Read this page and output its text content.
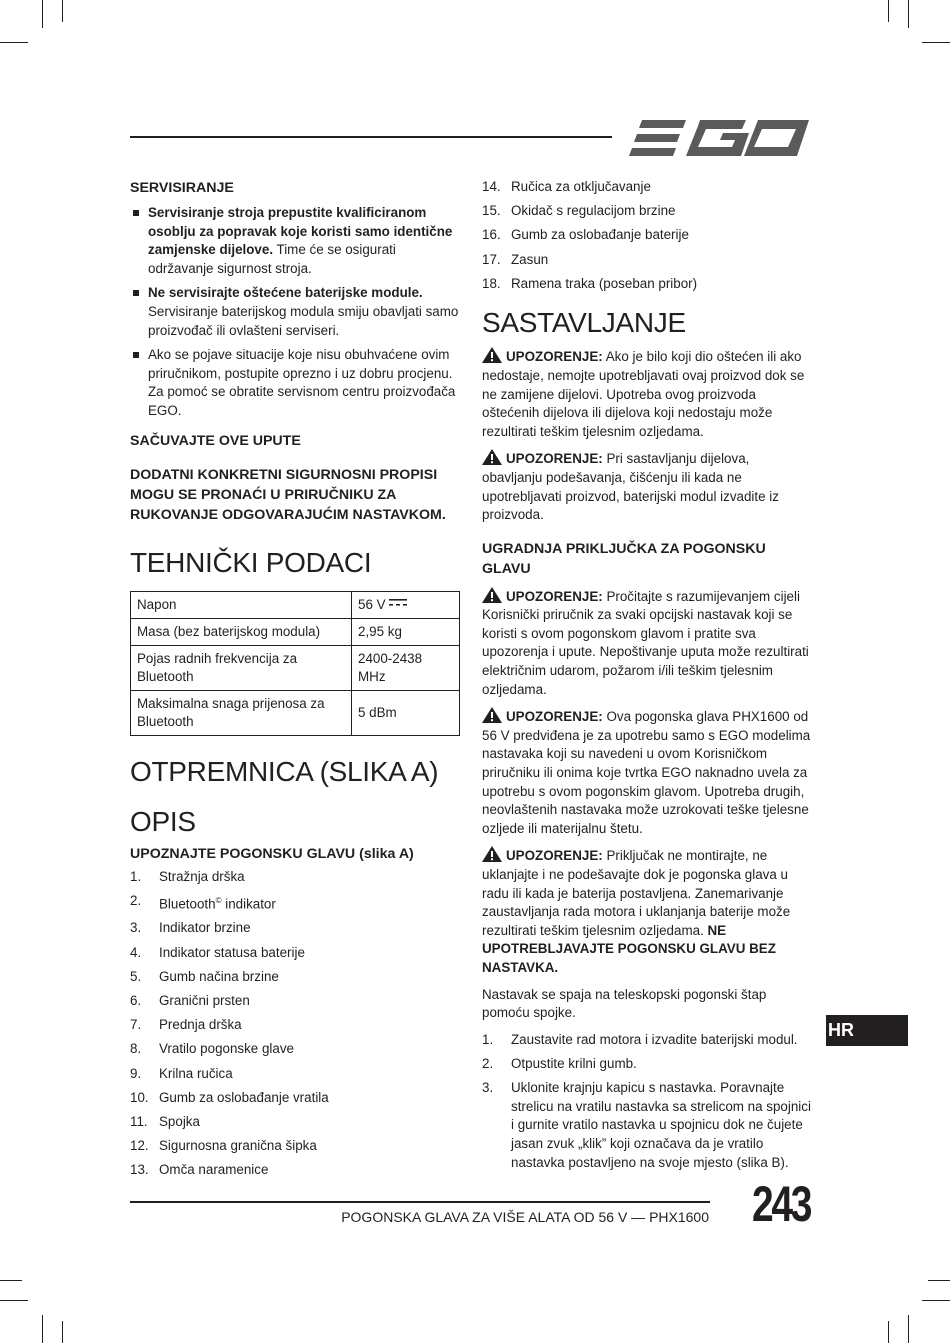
SERVISIRANJE
Servisiranje stroja prepustite kvalificiranom osoblju za popravak koje koristi samo identične zamjenske dijelove. Time će se osigurati održavanje sigurnost stroja.
Ne servisirajte oštećene baterijske module. Servisiranje baterijskog modula smiju obavljati samo proizvođač ili ovlašteni serviseri.
Ako se pojave situacije koje nisu obuhvaćene ovim priručnikom, postupite oprezno i uz dobru procjenu. Za pomoć se obratite servisnom centru proizvođača EGO.
SAČUVAJTE OVE UPUTE
DODATNI KONKRETNI SIGURNOSNI PROPISI MOGU SE PRONAĆI U PRIRUČNIKU ZA RUKOVANJE ODGOVARAJUĆIM NASTAVKOM.
TEHNIČKI PODACI
Napon	56 V
Masa (bez baterijskog modula)	2,95 kg
Pojas radnih frekvencija za Bluetooth	2400-2438 MHz
Maksimalna snaga prijenosa za Bluetooth	5 dBm
OTPREMNICA (SLIKA A)
OPIS
UPOZNAJTE POGONSKU GLAVU (slika A)
1.	Stražnja drška
2.	Bluetooth© indikator
3.	Indikator brzine
4.	Indikator statusa baterije
5.	Gumb načina brzine
6.	Granični prsten
7.	Prednja drška
8.	Vratilo pogonske glave
9.	Krilna ručica
10. Gumb za oslobađanje vratila
11. Spojka
12. Sigurnosna granična šipka
13. Omča naramenice
14. Ručica za otključavanje
15. Okidač s regulacijom brzine
16. Gumb za oslobađanje baterije
17. Zasun
18. Ramena traka (poseban pribor)
SASTAVLJANJE

UPOZORENJE: Ako je bilo koji dio oštećen ili ako nedostaje, nemojte upotrebljavati ovaj proizvod dok se ne zamijene dijelovi. Upotreba ovog proizvoda oštećenih dijelova ili dijelova koji nedostaju može rezultirati teškim tjelesnim ozljedama.

UPOZORENJE: Pri sastavljanju dijelova, obavljanju podešavanja, čišćenju ili kada ne upotrebljavati proizvod, baterijski modul izvadite iz proizvoda.

UGRADNJA PRIKLJUČKA ZA POGONSKU GLAVU

UPOZORENJE: Pročitajte s razumijevanjem cijeli Korisnički priručnik za svaki opcijski nastavak koji se koristi s ovom pogonskom glavom i pratite sva upozorenja i upute. Nepoštivanje uputa može rezultirati električnim udarom, požarom i/ili teškim tjelesnim ozljedama.

UPOZORENJE: Ova pogonska glava PHX1600 od 56 V predviđena je za upotrebu samo s EGO modelima nastavaka koji su navedeni u ovom Korisničkom priručniku ili onima koje tvrtka EGO naknadno uvela za upotrebu s ovom pogonskim glavom. Upotreba drugih, neovlaštenih nastavaka može uzrokovati teške tjelesne ozljede ili materijalnu štetu.

UPOZORENJE: Priključak ne montirajte, ne uklanjajte i ne podešavajte dok je pogonska glava u radu ili kada je baterija postavljena. Zanemarivanje zaustavljanja rada motora i uklanjanja baterije može rezultirati teškim tjelesnim ozljedama. NE UPOTREBLJAVAJTE POGONSKU GLAVU BEZ NASTAVKA.

Nastavak se spaja na teleskopski pogonski štap pomoću spojke.

1.	Zaustavite rad motora i izvadite baterijski modul.
2.	Otpustite krilni gumb.
3.	Uklonite krajnju kapicu s nastavka. Poravnajte strelicu na vratilu nastavka sa strelicom na spojnici i gurnite vratilo nastavka u spojnicu dok ne čujete jasan zvuk „klik” koji označava da je vratilo nastavka postavljeno na svoje mjesto (slika B).
HR
POGONSKA GLAVA ZA VIŠE ALATA OD 56 V — PHX1600 243
